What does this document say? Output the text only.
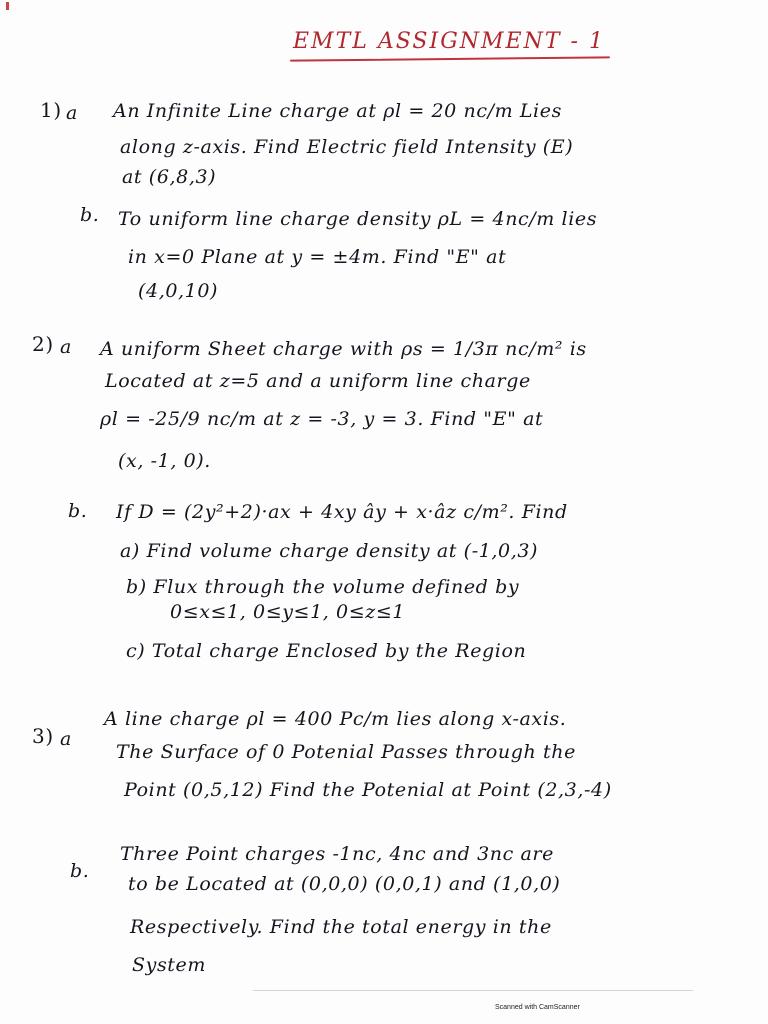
EMTL ASSIGNMENT - 1
1) a An Infinite Line charge at ρl = 20 nc/m Lies
along z-axis. Find Electric field Intensity (E)
at (6,8,3)
b. To uniform line charge density ρL = 4nc/m lies
in x=0 Plane at y = ±4m. Find "E" at
(4,0,10)
2) a A uniform Sheet charge with ρs = 1/3π nc/m² is
Located at z=5 and a uniform line charge
ρl = -25/9 nc/m at z = -3, y = 3. Find "E" at
(x, -1, 0).
b. If D = (2y²+2)·ax + 4xy ây + x·âz c/m². Find
a) Find volume charge density at (-1,0,3)
b) Flux through the volume defined by
0≤x≤1, 0≤y≤1, 0≤z≤1
c) Total charge Enclosed by the Region
3) a
A line charge ρl = 400 Pc/m lies along x-axis.
The Surface of 0 Potenial Passes through the
Point (0,5,12) Find the Potenial at Point (2,3,-4)
b.
Three Point charges -1nc, 4nc and 3nc are
to be Located at (0,0,0) (0,0,1) and (1,0,0)
Respectively. Find the total energy in the
System
Scanned with CamScanner
